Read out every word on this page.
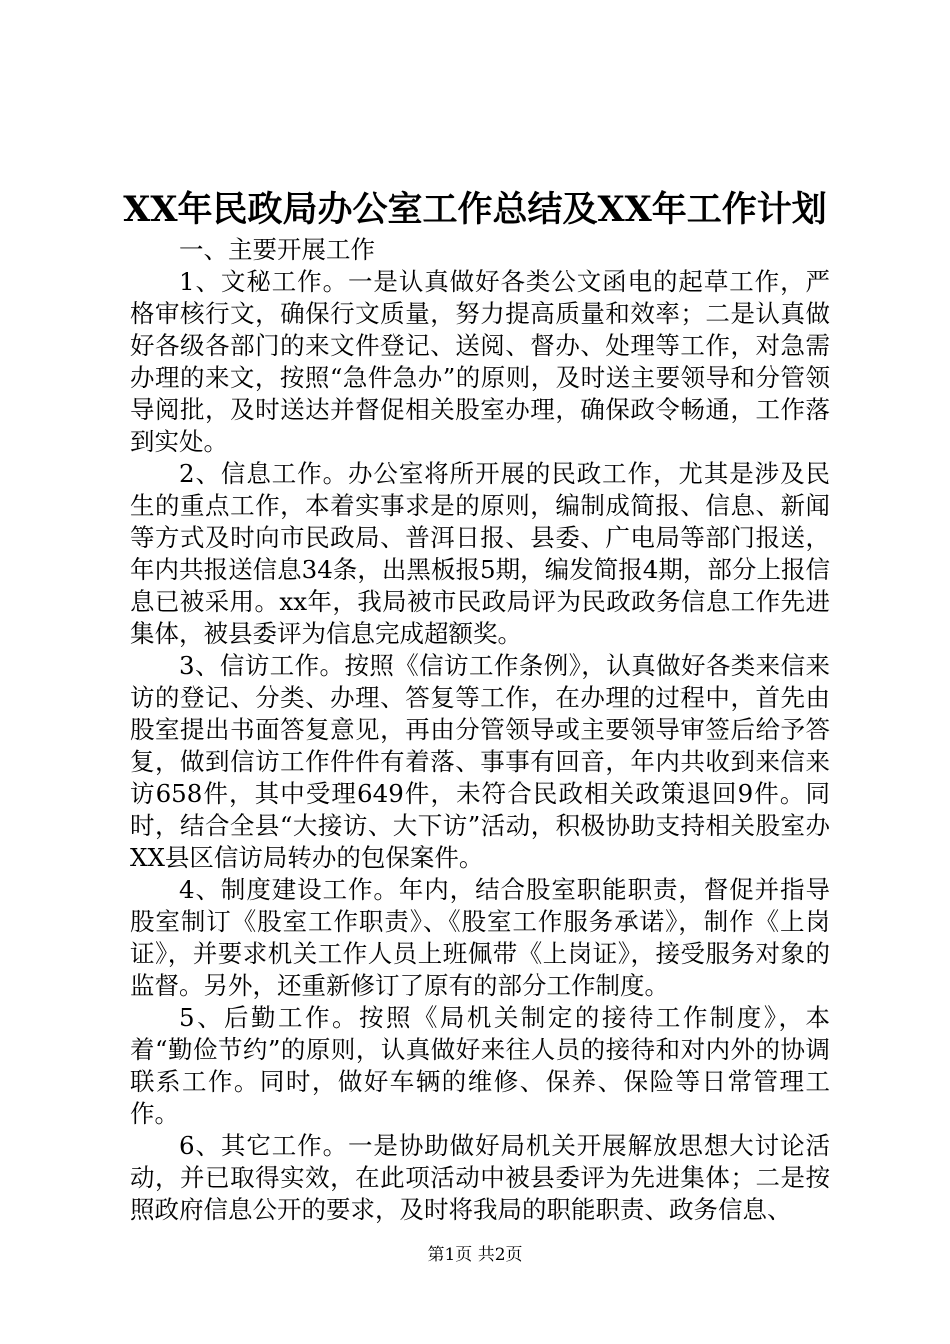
XX年民政局办公室工作总结及XX年工作计划

一、主要开展工作

1、文秘工作。一是认真做好各类公文函电的起草工作，严格审核行文，确保行文质量，努力提高质量和效率；二是认真做好各级各部门的来文件登记、送阅、督办、处理等工作，对急需办理的来文，按照“急件急办”的原则，及时送主要领导和分管领导阅批，及时送达并督促相关股室办理，确保政令畅通，工作落到实处。

2、信息工作。办公室将所开展的民政工作，尤其是涉及民生的重点工作，本着实事求是的原则，编制成简报、信息、新闻等方式及时向市民政局、普洱日报、县委、广电局等部门报送，年内共报送信息34条，出黑板报5期，编发简报4期，部分上报信息已被采用。xx年，我局被市民政局评为民政政务信息工作先进集体，被县委评为信息完成超额奖。

3、信访工作。按照《信访工作条例》，认真做好各类来信来访的登记、分类、办理、答复等工作，在办理的过程中，首先由股室提出书面答复意见，再由分管领导或主要领导审签后给予答复，做到信访工作件件有着落、事事有回音，年内共收到来信来访658件，其中受理649件，未符合民政相关政策退回9件。同时，结合全县“大接访、大下访”活动，积极协助支持相关股室办XX县区信访局转办的包保案件。

4、制度建设工作。年内，结合股室职能职责，督促并指导股室制订《股室工作职责》、《股室工作服务承诺》，制作《上岗证》，并要求机关工作人员上班佩带《上岗证》，接受服务对象的监督。另外，还重新修订了原有的部分工作制度。

5、后勤工作。按照《局机关制定的接待工作制度》，本着“勤俭节约”的原则，认真做好来往人员的接待和对内外的协调联系工作。同时，做好车辆的维修、保养、保险等日常管理工作。

6、其它工作。一是协助做好局机关开展解放思想大讨论活动，并已取得实效，在此项活动中被县委评为先进集体；二是按照政府信息公开的要求，及时将我局的职能职责、政务信息、

第1页 共2页
